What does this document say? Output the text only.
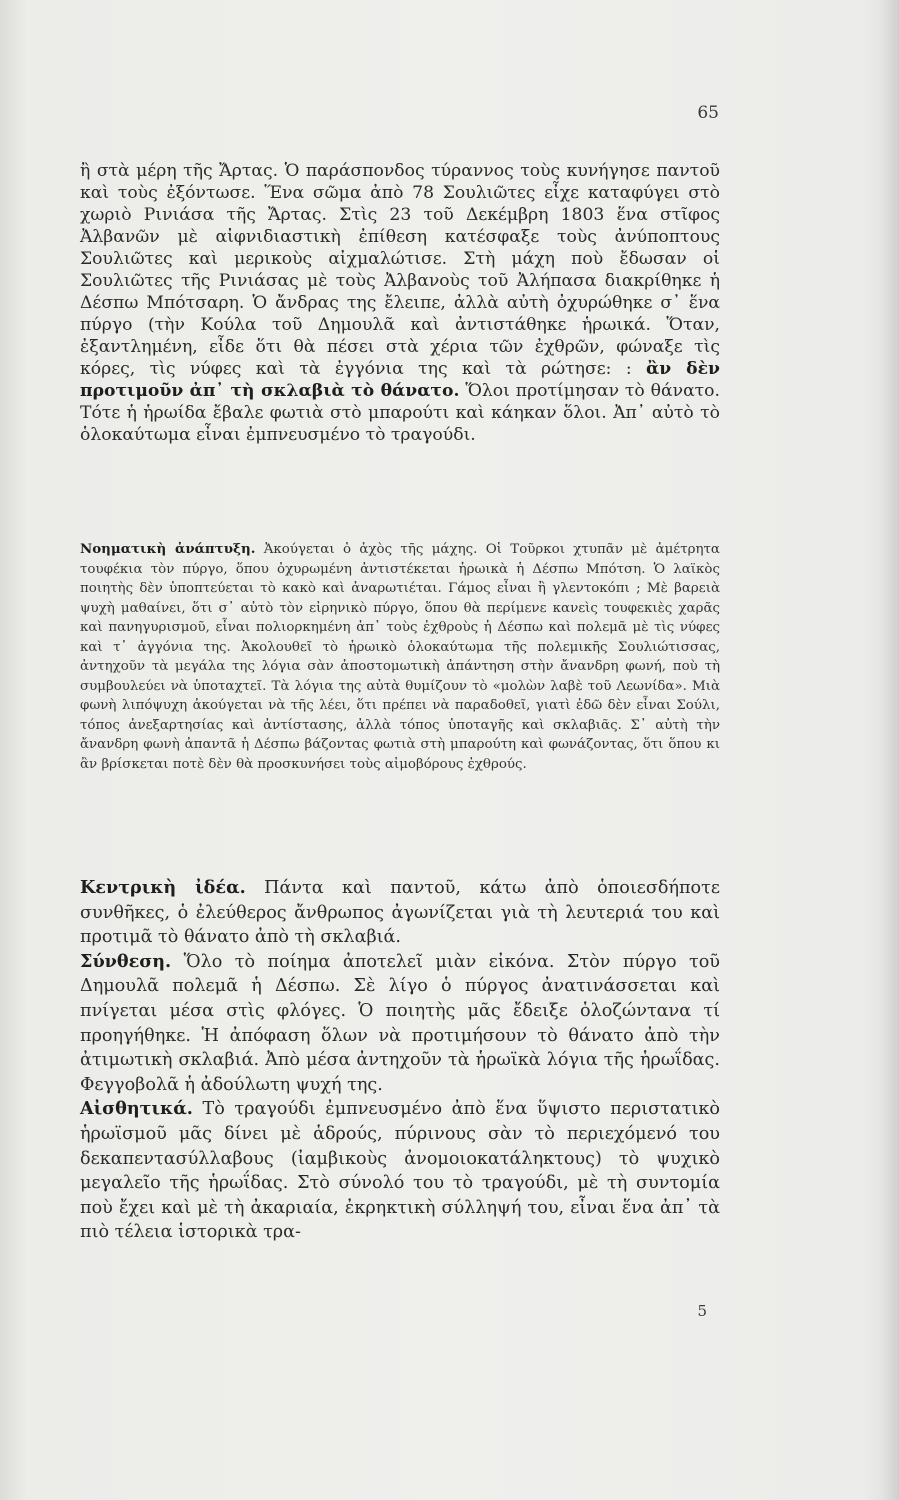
65

ἢ στὰ μέρη τῆς Ἄρτας. Ὁ παράσπονδος τύραννος τοὺς κυνήγησε παντοῦ καὶ τοὺς ἐξόντωσε. Ἕνα σῶμα ἀπὸ 78 Σουλιῶτες εἶχε καταφύγει στὸ χωριὸ Ρινιάσα τῆς Ἄρτας. Στὶς 23 τοῦ Δεκέμβρη 1803 ἕνα στῖφος Ἀλβανῶν μὲ αἰφνιδιαστικὴ ἐπίθεση κατέσφαξε τοὺς ἀνύποπτους Σουλιῶτες καὶ μερικοὺς αἰχμαλώτισε. Στὴ μάχη ποὺ ἔδωσαν οἱ Σουλιῶτες τῆς Ρινιάσας μὲ τοὺς Ἀλβανοὺς τοῦ Ἀλήπασα διακρίθηκε ἡ Δέσπω Μπότσαρη. Ὁ ἄνδρας της ἔλειπε, ἀλλὰ αὐτὴ ὀχυρώθηκε σ᾿ ἕνα πύργο (τὴν Κούλα τοῦ Δημουλᾶ καὶ ἀντιστάθηκε ἡρωικά. Ὅταν, ἐξαντλημένη, εἶδε ὅτι θὰ πέσει στὰ χέρια τῶν ἐχθρῶν, φώναξε τὶς κόρες, τὶς νύφες καὶ τὰ ἐγγόνια της καὶ τὰ ρώτησε: : ἂν δὲν προτιμοῦν ἀπ᾿ τὴ σκλαβιὰ τὸ θάνατο. Ὅλοι προτίμησαν τὸ θάνατο. Τότε ἡ ἡρωίδα ἔβαλε φωτιὰ στὸ μπαρούτι καὶ κάηκαν ὅλοι. Ἀπ᾿ αὐτὸ τὸ ὁλοκαύτωμα εἶναι ἐμπνευσμένο τὸ τραγούδι.

Νοηματικὴ ἀνάπτυξη. Ἀκούγεται ὁ ἀχὸς τῆς μάχης. Οἱ Τοῦρκοι χτυπᾶν μὲ ἀμέτρητα τουφέκια τὸν πύργο, ὅπου ὀχυρωμένη ἀντιστέκεται ἡρωικὰ ἡ Δέσπω Μπότση. Ὁ λαϊκὸς ποιητὴς δὲν ὑποπτεύεται τὸ κακὸ καὶ ἀναρωτιέται. Γάμος εἶναι ἢ γλεντοκόπι ; Μὲ βαρειὰ ψυχὴ μαθαίνει, ὅτι σ᾿ αὐτὸ τὸν εἰρηνικὸ πύργο, ὅπου θὰ περίμενε κανεὶς τουφεκιὲς χαρᾶς καὶ πανηγυρισμοῦ, εἶναι πολιορκημένη ἀπ᾿ τοὺς ἐχθροὺς ἡ Δέσπω καὶ πολεμᾶ μὲ τὶς νύφες καὶ τ᾿ ἀγγόνια της. Ἀκολουθεῖ τὸ ἡρωικὸ ὁλοκαύτωμα τῆς πολεμικῆς Σουλιώτισσας, ἀντηχοῦν τὰ μεγάλα της λόγια σὰν ἀποστομωτικὴ ἀπάντηση στὴν ἄνανδρη φωνή, ποὺ τὴ συμβουλεύει νὰ ὑποταχτεῖ. Τὰ λόγια της αὐτὰ θυμίζουν τὸ «μολὼν λαβὲ τοῦ Λεωνίδα». Μιὰ φωνὴ λιπόψυχη ἀκούγεται νὰ τῆς λέει, ὅτι πρέπει νὰ παραδοθεῖ, γιατὶ ἐδῶ δὲν εἶναι Σούλι, τόπος ἀνεξαρτησίας καὶ ἀντίστασης, ἀλλὰ τόπος ὑποταγῆς καὶ σκλαβιᾶς. Σ᾿ αὐτὴ τὴν ἄνανδρη φωνὴ ἀπαντᾶ ἡ Δέσπω βάζοντας φωτιὰ στὴ μπαρούτη καὶ φωνάζοντας, ὅτι ὅπου κι ἂν βρίσκεται ποτὲ δὲν θὰ προσκυνήσει τοὺς αἱμοβόρους ἐχθρούς.

Κεντρικὴ ἰδέα. Πάντα καὶ παντοῦ, κάτω ἀπὸ ὁποιεσδήποτε συνθῆκες, ὁ ἐλεύθερος ἄνθρωπος ἀγωνίζεται γιὰ τὴ λευτεριά του καὶ προτιμᾶ τὸ θάνατο ἀπὸ τὴ σκλαβιά.

Σύνθεση. Ὅλο τὸ ποίημα ἀποτελεῖ μιὰν εἰκόνα. Στὸν πύργο τοῦ Δημουλᾶ πολεμᾶ ἡ Δέσπω. Σὲ λίγο ὁ πύργος ἀνατινάσσεται καὶ πνίγεται μέσα στὶς φλόγες. Ὁ ποιητὴς μᾶς ἔδειξε ὁλοζώντανα τί προηγήθηκε. Ἡ ἀπόφαση ὅλων νὰ προτιμήσουν τὸ θάνατο ἀπὸ τὴν ἀτιμωτικὴ σκλαβιά. Ἀπὸ μέσα ἀντηχοῦν τὰ ἡρωϊκὰ λόγια τῆς ἡρωΐδας. Φεγγοβολᾶ ἡ ἀδούλωτη ψυχή της.

Αἰσθητικά. Τὸ τραγούδι ἐμπνευσμένο ἀπὸ ἕνα ὕψιστο περιστατικὸ ἡρωϊσμοῦ μᾶς δίνει μὲ ἁδρούς, πύρινους σὰν τὸ περιεχόμενό του δεκαπεντασύλλαβους (ἰαμβικοὺς ἀνομοιοκατάληκτους) τὸ ψυχικὸ μεγαλεῖο τῆς ἡρωΐδας. Στὸ σύνολό του τὸ τραγούδι, μὲ τὴ συντομία ποὺ ἔχει καὶ μὲ τὴ ἀκαριαία, ἐκρηκτικὴ σύλληψή του, εἶναι ἕνα ἀπ᾿ τὰ πιὸ τέλεια ἱστορικὰ τρα-

5
